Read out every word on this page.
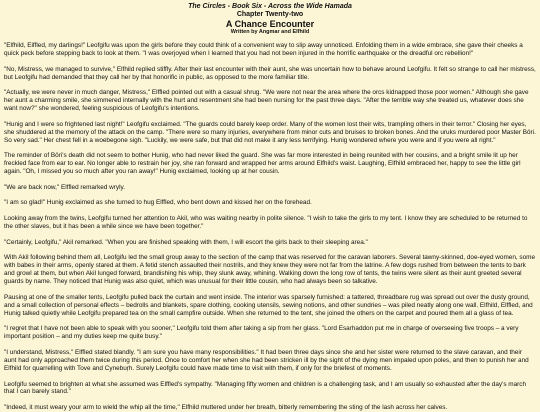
The Circles - Book Six - Across the Wide Hamada
Chapter Twenty-two
A Chance Encounter
Written by Angmar and Elfhild

"Elfhild, Eiffled, my darlings!" Leofgifu was upon the girls before they could think of a convenient way to slip away unnoticed. Enfolding them in a wide embrace, she gave their cheeks a quick peck before stepping back to look at them. "I was overjoyed when I learned that you had not been injured in the horrific earthquake or the dreadful orc rebellion!"

"No, Mistress, we managed to survive," Elfhild replied stiffly. After their last encounter with their aunt, she was uncertain how to behave around Leofgifu. It felt so strange to call her mistress, but Leofgifu had demanded that they call her by that honorific in public, as opposed to the more familiar title.

"Actually, we were never in much danger, Mistress," Elffled pointed out with a casual shrug. "We were not near the area where the orcs kidnapped those poor women." Although she gave her aunt a charming smile, she simmered internally with the hurt and resentment she had been nursing for the past three days. "After the terrible way she treated us, whatever does she want now?" she wondered, feeling suspicious of Leofgifu's intentions.

"Hunig and I were so frightened last night!" Leofgifu exclaimed. "The guards could barely keep order. Many of the women lost their wits, trampling others in their terror." Closing her eyes, she shuddered at the memory of the attack on the camp. "There were so many injuries, everywhere from minor cuts and bruises to broken bones. And the uruks murdered poor Master Böri. So very sad." Her chest fell in a woebegone sigh. "Luckily, we were safe, but that did not make it any less terrifying. Hunig wondered where you were and if you were all right."

The reminder of Böri's death did not seem to bother Hunig, who had never liked the guard. She was far more interested in being reunited with her cousins, and a bright smile lit up her freckled face from ear to ear. No longer able to restrain her joy, she ran forward and wrapped her arms around Elfhild's waist. Laughing, Elfhild embraced her, happy to see the little girl again. "Oh, I missed you so much after you ran away!" Hunig exclaimed, looking up at her cousin.

"We are back now," Elffled remarked wryly.

"I am so glad!" Hunig exclaimed as she turned to hug Elffled, who bent down and kissed her on the forehead.

Looking away from the twins, Leofgifu turned her attention to Akil, who was waiting nearby in polite silence. "I wish to take the girls to my tent. I know they are scheduled to be returned to the other slaves, but it has been a while since we have been together."

"Certainly, Leofgifu," Akil remarked. "When you are finished speaking with them, I will escort the girls back to their sleeping area."

With Akil following behind them all, Leofgifu led the small group away to the section of the camp that was reserved for the caravan laborers. Several tawny-skinned, doe-eyed women, some with babes in their arms, openly stared at them. A fetid stench assaulted their nostrils, and they knew they were not far from the latrine. A few dogs rushed from between the tents to bark and growl at them, but when Akil lunged forward, brandishing his whip, they slunk away, whining. Walking down the long row of tents, the twins were silent as their aunt greeted several guards by name. They noticed that Hunig was also quiet, which was unusual for their little cousin, who had always been so talkative.

Pausing at one of the smaller tents, Leofgifu pulled back the curtain and went inside. The interior was sparsely furnished: a tattered, threadbare rug was spread out over the dusty ground, and a small collection of personal effects – bedrolls and blankets, spare clothing, cooking utensils, sewing notions, and other sundries – was piled neatly along one wall. Elfhild, Elffled, and Hunig talked quietly while Leofgifu prepared tea on the small campfire outside. When she returned to the tent, she joined the others on the carpet and poured them all a glass of tea.

"I regret that I have not been able to speak with you sooner," Leofgifu told them after taking a sip from her glass. "Lord Esarhaddon put me in charge of overseeing five troops – a very important position – and my duties keep me quite busy."

"I understand, Mistress," Elffled stated blandly. "I am sure you have many responsibilities." It had been three days since she and her sister were returned to the slave caravan, and their aunt had only approached them twice during this period. Once to comfort her when she had been stricken ill by the sight of the dying men impaled upon poles, and then to punish her and Elfhild for quarrelling with Tove and Cynebuŗh. Surely Leofgifu could have made time to visit with them, if only for the briefest of moments.

Leofgifu seemed to brighten at what she assumed was Elffled's sympathy. "Managing fifty women and children is a challenging task, and I am usually so exhausted after the day's march that I can barely stand."

"Indeed, it must weary your arm to wield the whip all the time," Elfhild muttered under her breath, bitterly remembering the sting of the lash across her calves.
